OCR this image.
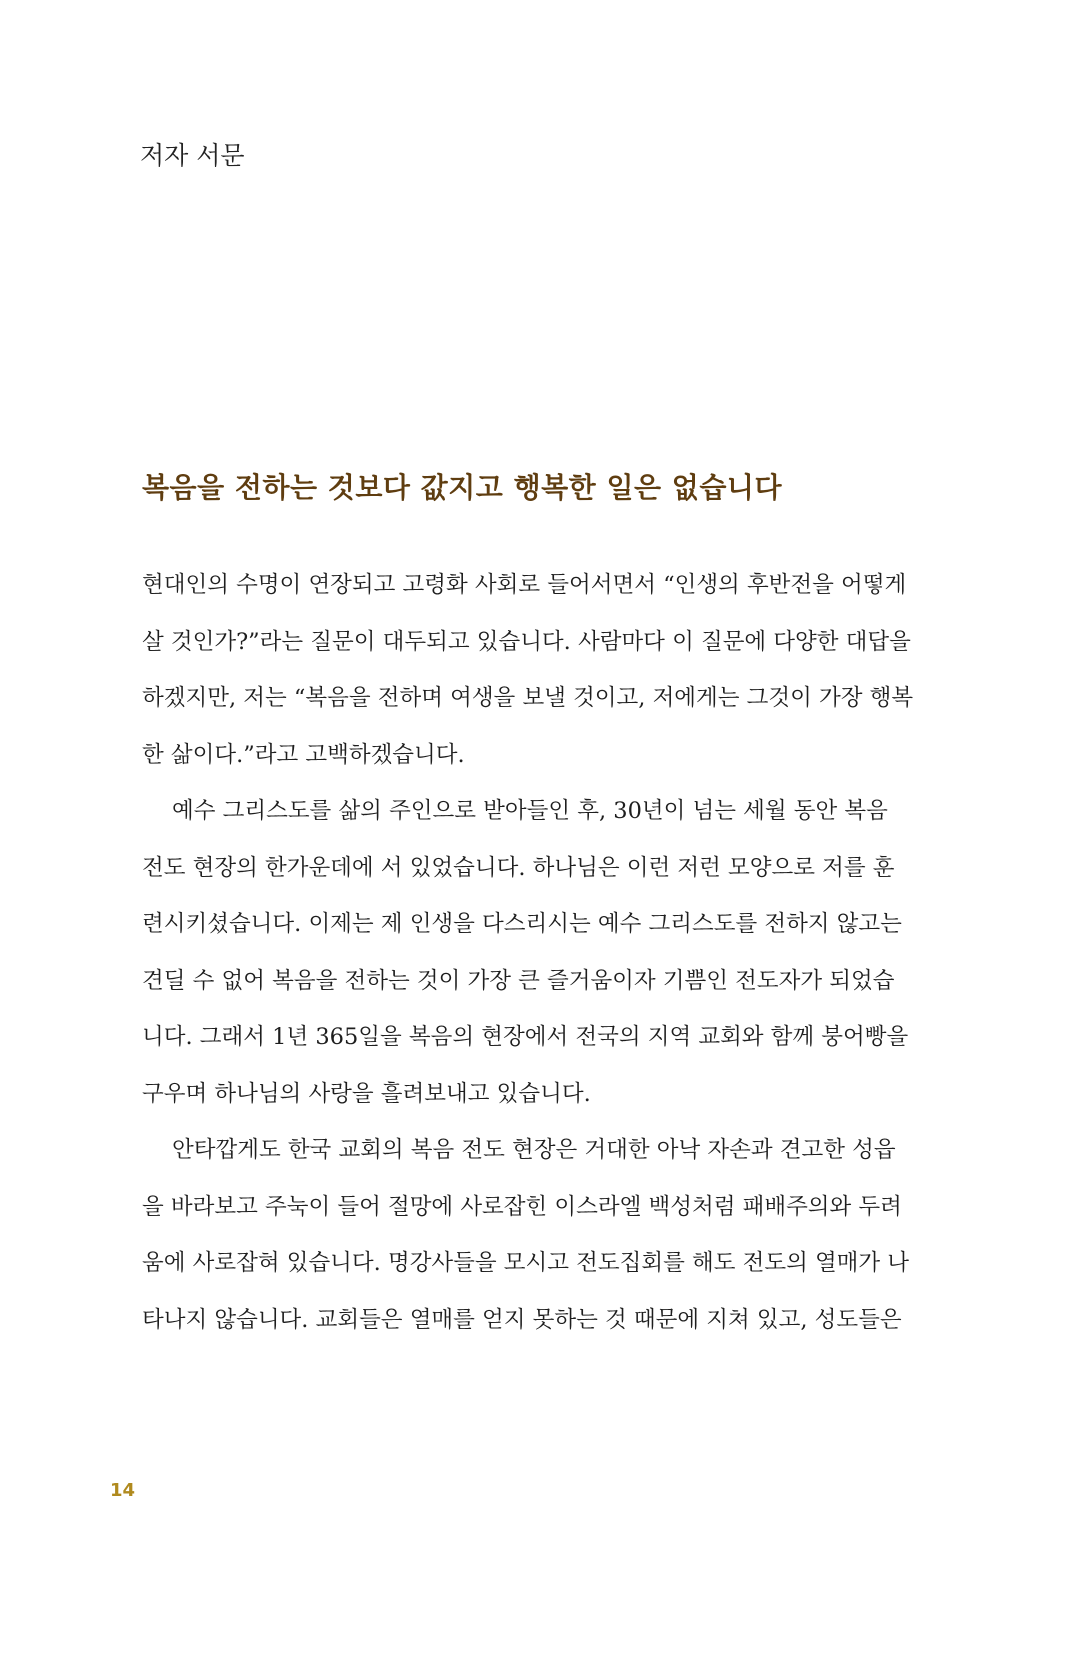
저자 서문
복음을 전하는 것보다 값지고 행복한 일은 없습니다
현대인의 수명이 연장되고 고령화 사회로 들어서면서 “인생의 후반전을 어떻게
살 것인가?”라는 질문이 대두되고 있습니다. 사람마다 이 질문에 다양한 대답을
하겠지만, 저는 “복음을 전하며 여생을 보낼 것이고, 저에게는 그것이 가장 행복
한 삶이다.”라고 고백하겠습니다.
예수 그리스도를 삶의 주인으로 받아들인 후, 30년이 넘는 세월 동안 복음
전도 현장의 한가운데에 서 있었습니다. 하나님은 이런 저런 모양으로 저를 훈
련시키셨습니다. 이제는 제 인생을 다스리시는 예수 그리스도를 전하지 않고는
견딜 수 없어 복음을 전하는 것이 가장 큰 즐거움이자 기쁨인 전도자가 되었습
니다. 그래서 1년 365일을 복음의 현장에서 전국의 지역 교회와 함께 붕어빵을
구우며 하나님의 사랑을 흘려보내고 있습니다.
안타깝게도 한국 교회의 복음 전도 현장은 거대한 아낙 자손과 견고한 성읍
을 바라보고 주눅이 들어 절망에 사로잡힌 이스라엘 백성처럼 패배주의와 두려
움에 사로잡혀 있습니다. 명강사들을 모시고 전도집회를 해도 전도의 열매가 나
타나지 않습니다. 교회들은 열매를 얻지 못하는 것 때문에 지쳐 있고, 성도들은
14
